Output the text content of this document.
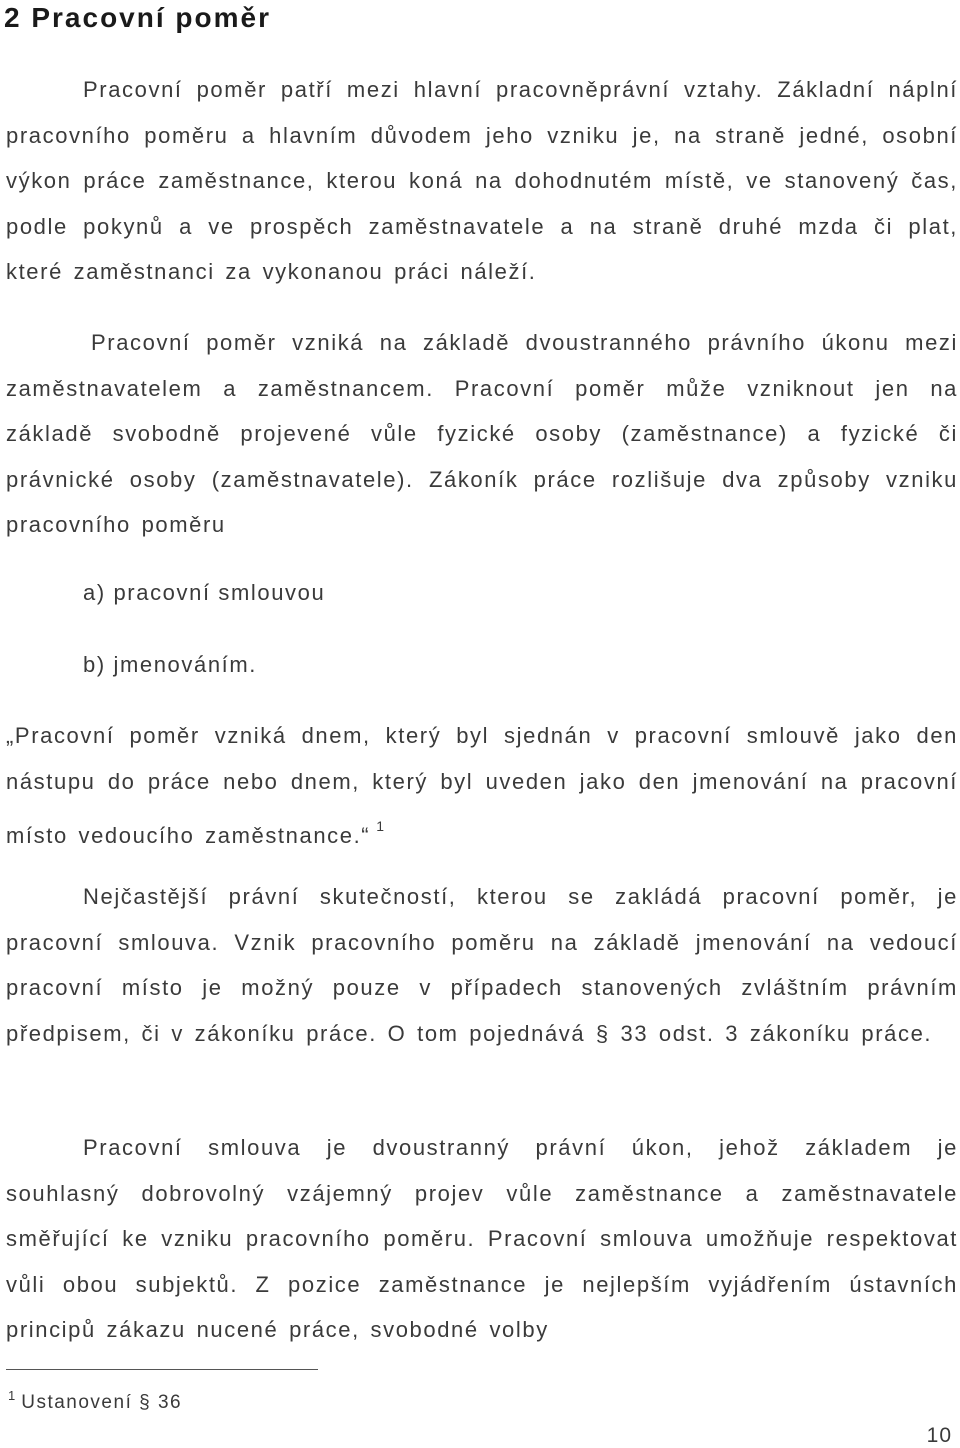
2 Pracovní poměr

Pracovní poměr patří mezi hlavní pracovněprávní vztahy. Základní náplní pracovního poměru a hlavním důvodem jeho vzniku je, na straně jedné, osobní výkon práce zaměstnance, kterou koná na dohodnutém místě, ve stanovený čas, podle pokynů a ve prospěch zaměstnavatele a na straně druhé mzda či plat, které zaměstnanci za vykonanou práci náleží.

Pracovní poměr vzniká na základě dvoustranného právního úkonu mezi zaměstnavatelem a zaměstnancem. Pracovní poměr může vzniknout jen na základě svobodně projevené vůle fyzické osoby (zaměstnance) a fyzické či právnické osoby (zaměstnavatele). Zákoník práce rozlišuje dva způsoby vzniku pracovního poměru

a) pracovní smlouvou

b) jmenováním.

„Pracovní poměr vzniká dnem, který byl sjednán v pracovní smlouvě jako den nástupu do práce nebo dnem, který byl uveden jako den jmenování na pracovní místo vedoucího zaměstnance.“ $^1$

Nejčastější právní skutečností, kterou se zakládá pracovní poměr, je pracovní smlouva. Vznik pracovního poměru na základě jmenování na vedoucí pracovní místo je možný pouze v případech stanovených zvláštním právním předpisem, či v zákoníku práce. O tom pojednává § 33 odst. 3 zákoníku práce.

Pracovní smlouva je dvoustranný právní úkon, jehož základem je souhlasný dobrovolný vzájemný projev vůle zaměstnance a zaměstnavatele směřující ke vzniku pracovního poměru. Pracovní smlouva umožňuje respektovat vůli obou subjektů. Z pozice zaměstnance je nejlepším vyjádřením ústavních principů zákazu nucené práce, svobodné volby

$^1$ Ustanovení § 36

10
